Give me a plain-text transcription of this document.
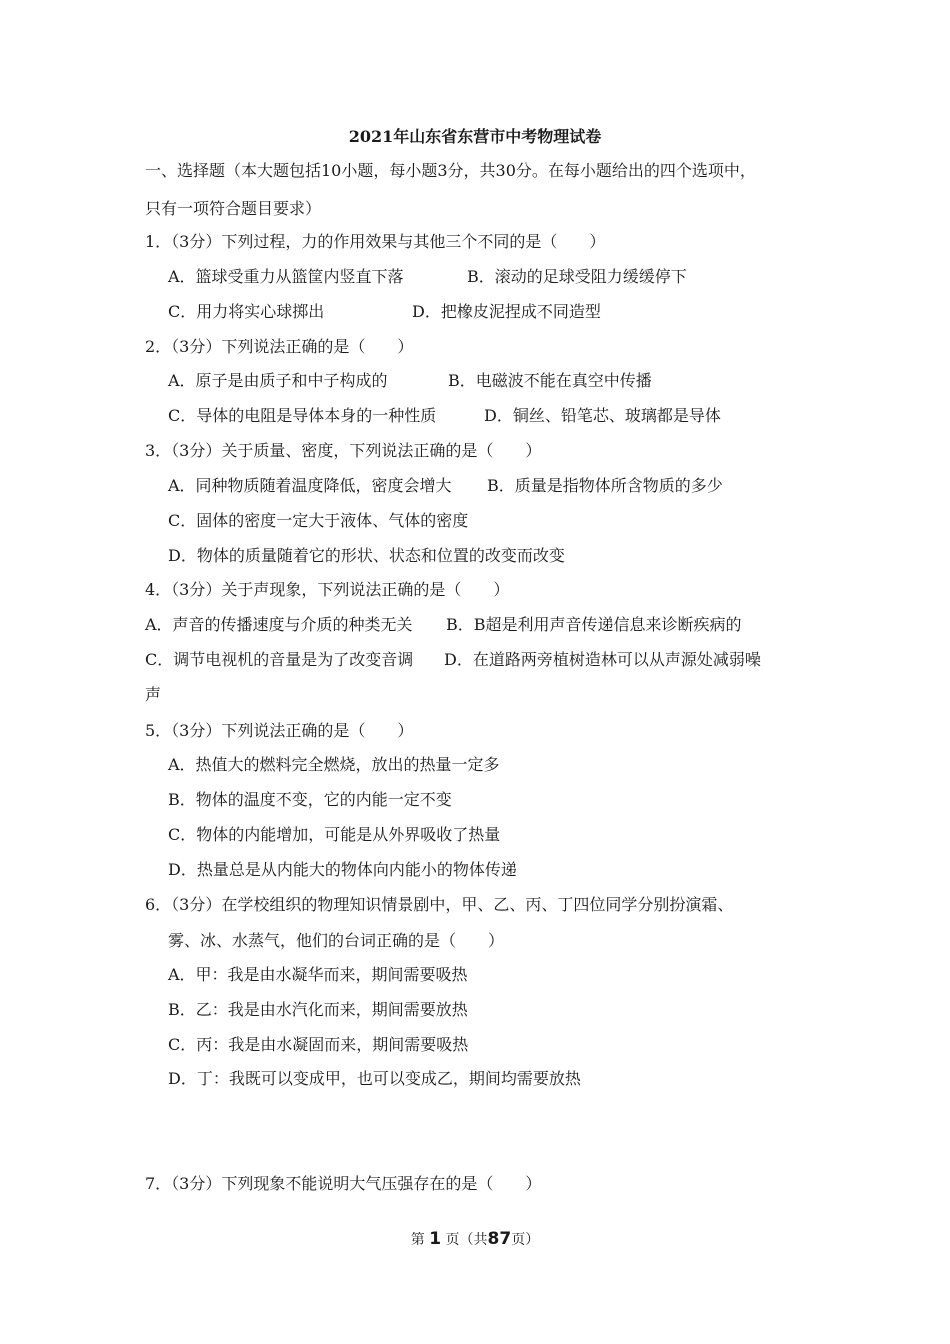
2021年山东省东营市中考物理试卷
一、选择题（本大题包括10小题，每小题3分，共30分。在每小题给出的四个选项中，
只有一项符合题目要求）
1．（3分）下列过程，力的作用效果与其他三个不同的是（　　）
A．篮球受重力从篮筐内竖直下落	B．滚动的足球受阻力缓缓停下
C．用力将实心球掷出	D．把橡皮泥捏成不同造型
2．（3分）下列说法正确的是（　　）
A．原子是由质子和中子构成的	B．电磁波不能在真空中传播
C．导体的电阻是导体本身的一种性质	D．铜丝、铅笔芯、玻璃都是导体
3．（3分）关于质量、密度，下列说法正确的是（　　）
A．同种物质随着温度降低，密度会增大 B．质量是指物体所含物质的多少
C．固体的密度一定大于液体、气体的密度
D．物体的质量随着它的形状、状态和位置的改变而改变
4．（3分）关于声现象，下列说法正确的是（　　）
A．声音的传播速度与介质的种类无关 B．B超是利用声音传递信息来诊断疾病的
C．调节电视机的音量是为了改变音调 D．在道路两旁植树造林可以从声源处减弱噪
声
5．（3分）下列说法正确的是（　　）
A．热值大的燃料完全燃烧，放出的热量一定多
B．物体的温度不变，它的内能一定不变
C．物体的内能增加，可能是从外界吸收了热量
D．热量总是从内能大的物体向内能小的物体传递
6．（3分）在学校组织的物理知识情景剧中，甲、乙、丙、丁四位同学分别扮演霜、
雾、冰、水蒸气，他们的台词正确的是（　　）
A．甲：我是由水凝华而来，期间需要吸热
B．乙：我是由水汽化而来，期间需要放热
C．丙：我是由水凝固而来，期间需要吸热
D．丁：我既可以变成甲，也可以变成乙，期间均需要放热
7．（3分）下列现象不能说明大气压强存在的是（　　）
第 1 页（共87页）
